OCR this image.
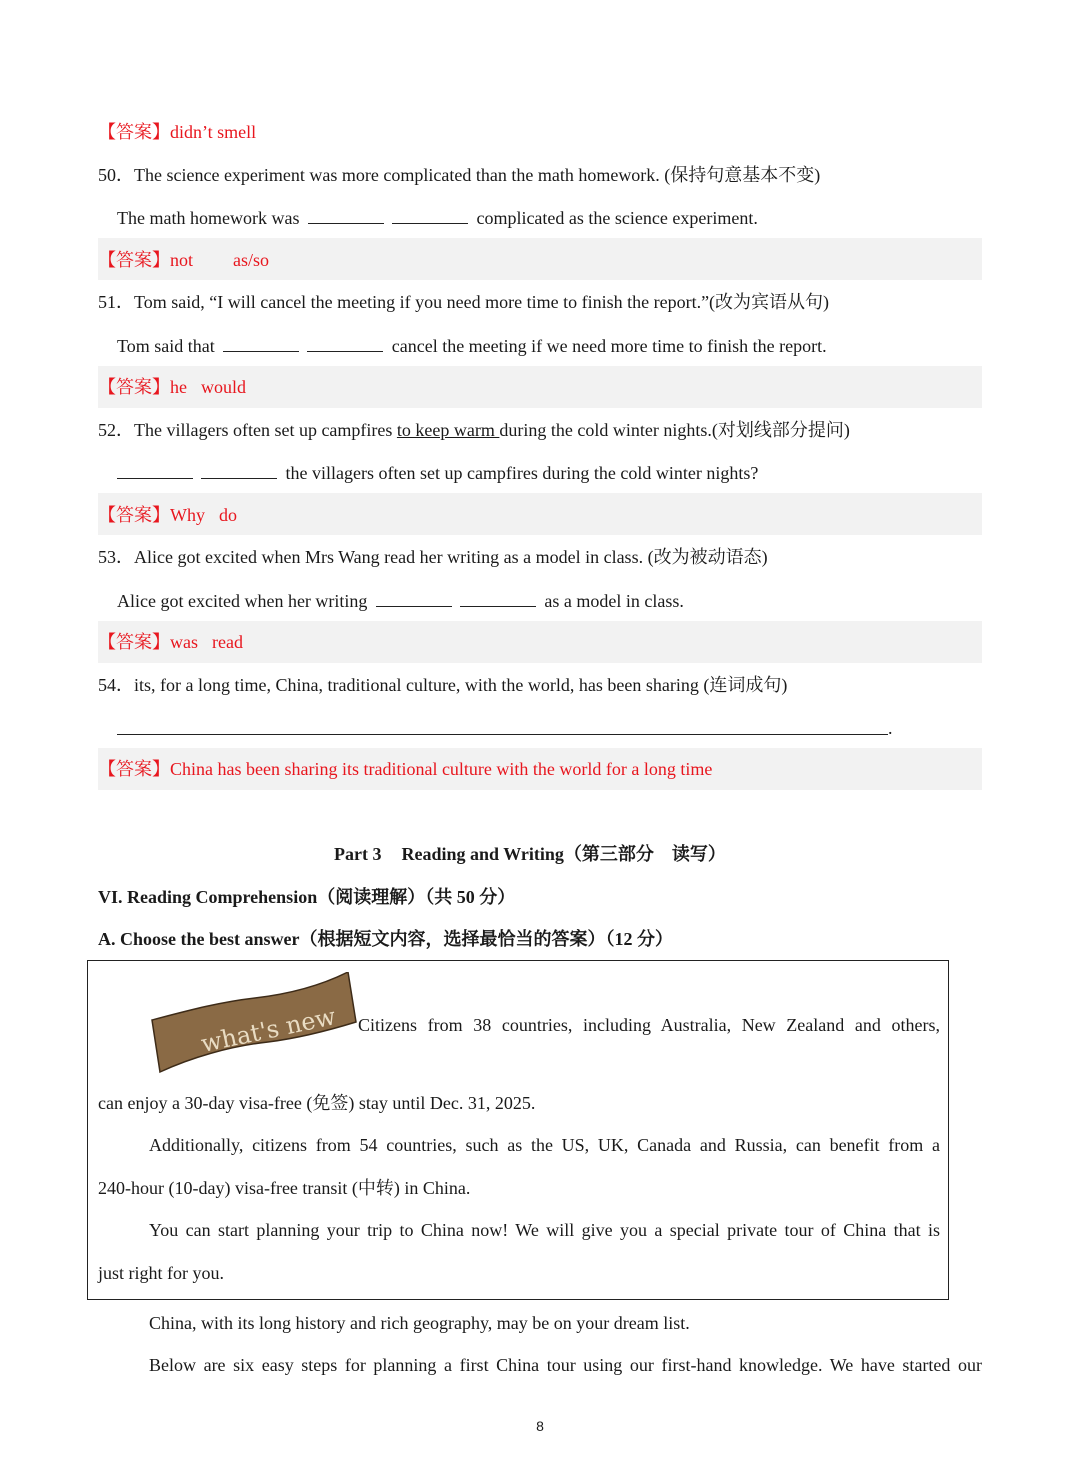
【答案】didn’t smell
50．The science experiment was more complicated than the math homework. (保持句意基本不变)
The math homework was	complicated as the science experiment.
【答案】not as/so
51．Tom said, “I will cancel the meeting if you need more time to finish the report.”(改为宾语从句)
Tom said that	cancel the meeting if we need more time to finish the report.
【答案】he would
52．The villagers often set up campfires to keep warm during the cold winter nights.(对划线部分提问)
the villagers often set up campfires during the cold winter nights?
【答案】Why do
53．Alice got excited when Mrs Wang read her writing as a model in class. (改为被动语态)
Alice got excited when her writing	as a model in class.
【答案】was read
54．its, for a long time, China, traditional culture, with the world, has been sharing (连词成句)
.
【答案】China has been sharing its traditional culture with the world for a long time
Part 3 Reading and Writing（第三部分　读写）
VI. Reading Comprehension（阅读理解）（共 50 分）
A. Choose the best answer（根据短文内容，选择最恰当的答案）（12 分）
what's new Citizens from 38 countries, including Australia, New Zealand and others,
can enjoy a 30-day visa-free (免签) stay until Dec. 31, 2025.
Additionally, citizens from 54 countries, such as the US, UK, Canada and Russia, can benefit from a
240-hour (10-day) visa-free transit (中转) in China.
You can start planning your trip to China now! We will give you a special private tour of China that is
just right for you.
China, with its long history and rich geography, may be on your dream list.
Below are six easy steps for planning a first China tour using our first-hand knowledge. We have started our
8
